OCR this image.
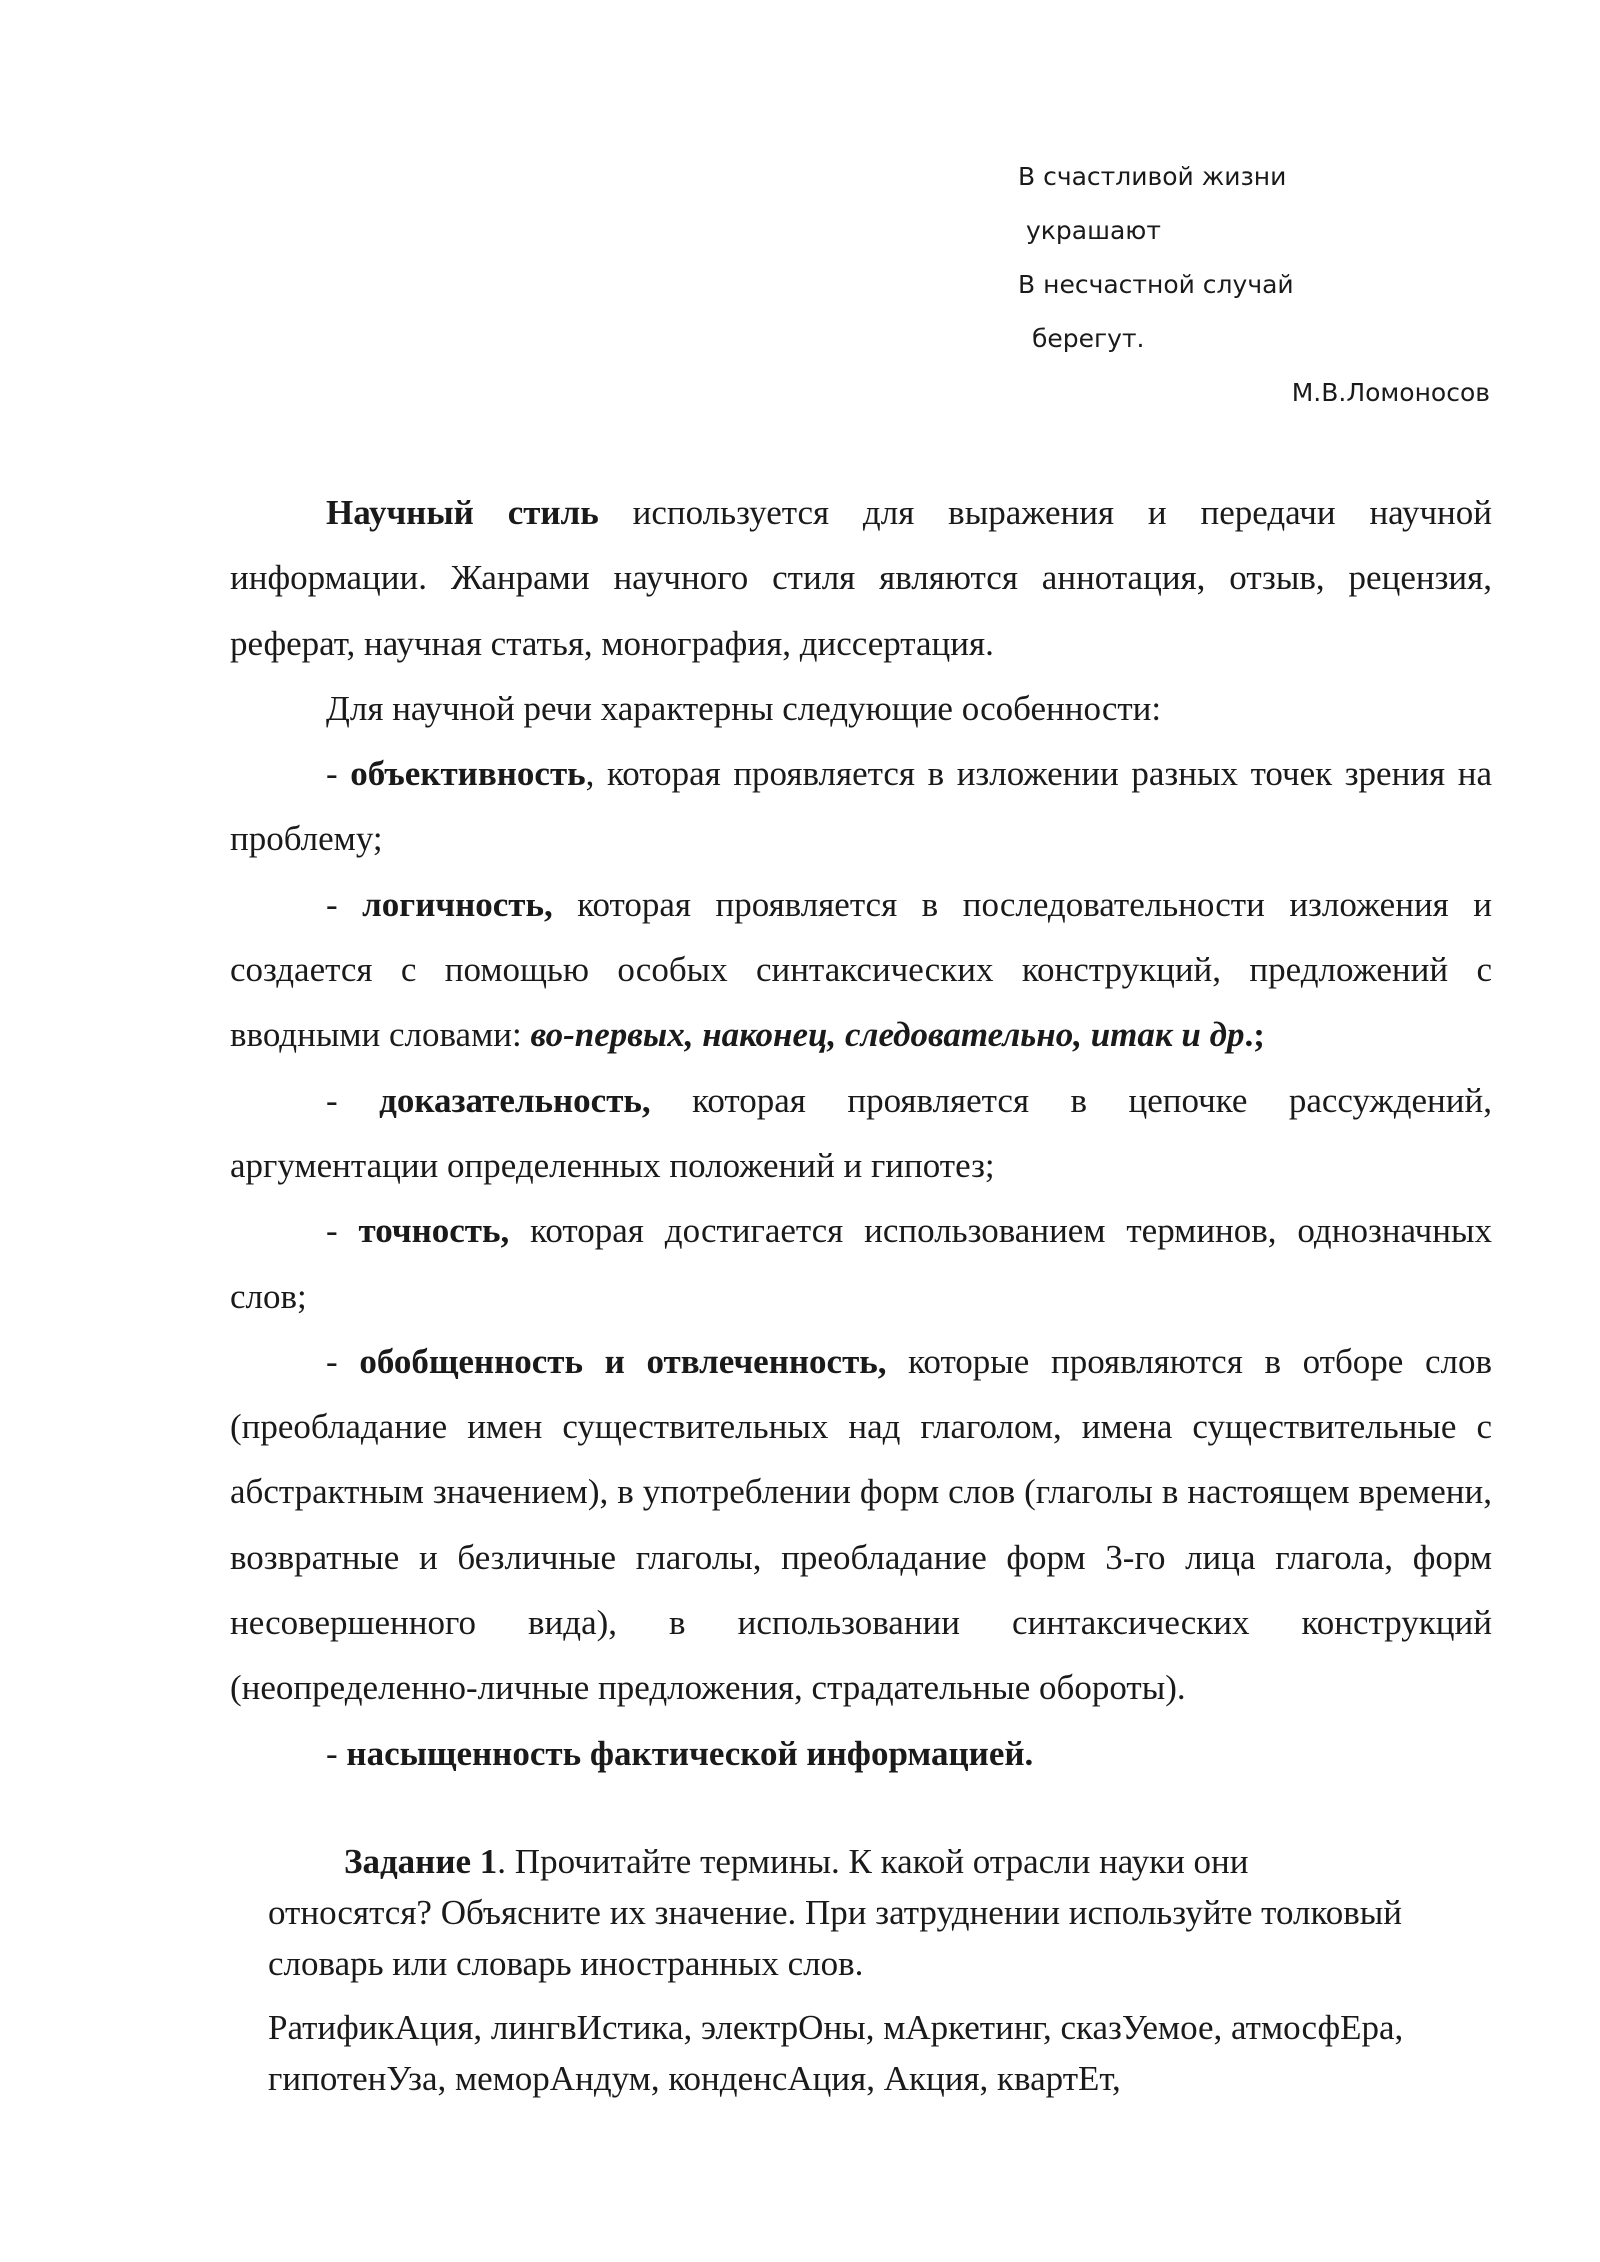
В счастливой жизни
украшают
В несчастной случай
берегут.
М.В.Ломоносов

Научный стиль используется для выражения и передачи научной информации. Жанрами научного стиля являются аннотация, отзыв, рецензия, реферат, научная статья, монография, диссертация.

Для научной речи характерны следующие особенности:

- объективность, которая проявляется в изложении разных точек зрения на проблему;

- логичность, которая проявляется в последовательности изложения и создается с помощью особых синтаксических конструкций, предложений с вводными словами: во-первых, наконец, следовательно, итак и др.;

- доказательность, которая проявляется в цепочке рассуждений, аргументации определенных положений и гипотез;

- точность, которая достигается использованием терминов, однозначных слов;

- обобщенность и отвлеченность, которые проявляются в отборе слов (преобладание имен существительных над глаголом, имена существительные с абстрактным значением), в употреблении форм слов (глаголы в настоящем времени, возвратные и безличные глаголы, преобладание форм 3-го лица глагола, форм несовершенного вида), в использовании синтаксических конструкций (неопределенно-личные предложения, страдательные обороты).

- насыщенность фактической информацией.

Задание 1. Прочитайте термины. К какой отрасли науки они относятся? Объясните их значение. При затруднении используйте толковый словарь или словарь иностранных слов.

РатификАция, лингвИстика, электрОны, мАркетинг, сказУемое, атмосфЕра, гипотенУза, меморАндум, конденсАция, Акция, квартЕт,
